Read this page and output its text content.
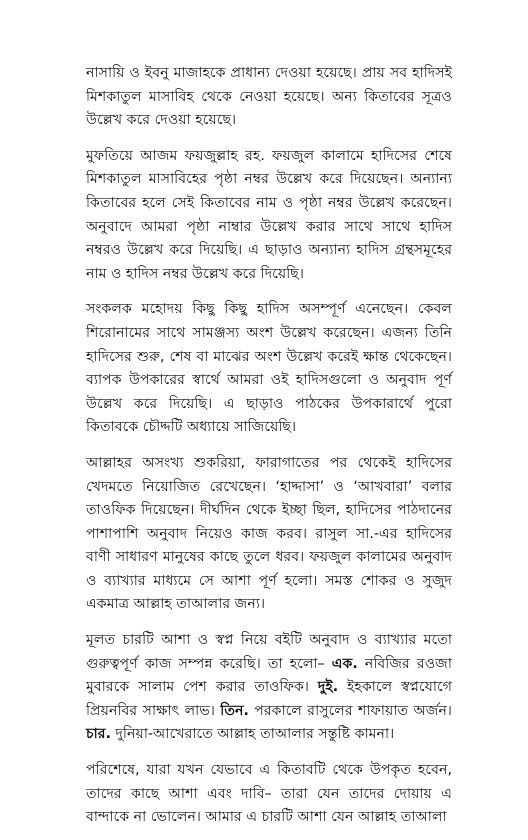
নাসায়ি ও ইবনু মাজাহকে প্রাধান্য দেওয়া হয়েছে। প্রায় সব হাদিসই মিশকাতুল মাসাবিহ থেকে নেওয়া হয়েছে। অন্য কিতাবের সূত্রও উল্লেখ করে দেওয়া হয়েছে।

মুফতিয়ে আজম ফয়জুল্লাহ রহ. ফয়জুল কালামে হাদিসের শেষে মিশকাতুল মাসাবিহের পৃষ্ঠা নম্বর উল্লেখ করে দিয়েছেন। অন্যান্য কিতাবের হলে সেই কিতাবের নাম ও পৃষ্ঠা নম্বর উল্লেখ করেছেন। অনুবাদে আমরা পৃষ্ঠা নাম্বার উল্লেখ করার সাথে সাথে হাদিস নম্বরও উল্লেখ করে দিয়েছি। এ ছাড়াও অন্যান্য হাদিস গ্রন্থসমূহের নাম ও হাদিস নম্বর উল্লেখ করে দিয়েছি।

সংকলক মহোদয় কিছু কিছু হাদিস অসম্পূর্ণ এনেছেন। কেবল শিরোনামের সাথে সামঞ্জস্য অংশ উল্লেখ করেছেন। এজন্য তিনি হাদিসের শুরু, শেষ বা মাঝের অংশ উল্লেখ করেই ক্ষান্ত থেকেছেন। ব্যাপক উপকারের স্বার্থে আমরা ওই হাদিসগুলো ও অনুবাদ পূর্ণ উল্লেখ করে দিয়েছি। এ ছাড়াও পাঠকের উপকারার্থে পুরো কিতাবকে চৌদ্দটি অধ্যায়ে সাজিয়েছি।

আল্লাহর অসংখ্য শুকরিয়া, ফারাগাতের পর থেকেই হাদিসের খেদমতে নিয়োজিত রেখেছেন। ‘হাদ্দাসা’ ও ‘আখবারা’ বলার তাওফিক দিয়েছেন। দীর্ঘদিন থেকে ইচ্ছা ছিল, হাদিসের পাঠদানের পাশাপাশি অনুবাদ নিয়েও কাজ করব। রাসুল সা.-এর হাদিসের বাণী সাধারণ মানুষের কাছে তুলে ধরব। ফয়জুল কালামের অনুবাদ ও ব্যাখ্যার মাধ্যমে সে আশা পূর্ণ হলো। সমস্ত শোকর ও সুজুদ একমাত্র আল্লাহ তাআলার জন্য।

মূলত চারটি আশা ও স্বপ্ন নিয়ে বইটি অনুবাদ ও ব্যাখ্যার মতো গুরুত্বপূর্ণ কাজ সম্পন্ন করেছি। তা হলো– এক. নবিজির রওজা মুবারকে সালাম পেশ করার তাওফিক। দুই. ইহকালে স্বপ্নযোগে প্রিয়নবির সাক্ষাৎ লাভ। তিন. পরকালে রাসুলের শাফায়াত অর্জন। চার. দুনিয়া-আখেরাতে আল্লাহ তাআলার সন্তুষ্টি কামনা।

পরিশেষে, যারা যখন যেভাবে এ কিতাবটি থেকে উপকৃত হবেন, তাদের কাছে আশা এবং দাবি– তারা যেন তাদের দোয়ায় এ বান্দাকে না ভোলেন। আমার এ চারটি আশা যেন আল্লাহ তাআলা
